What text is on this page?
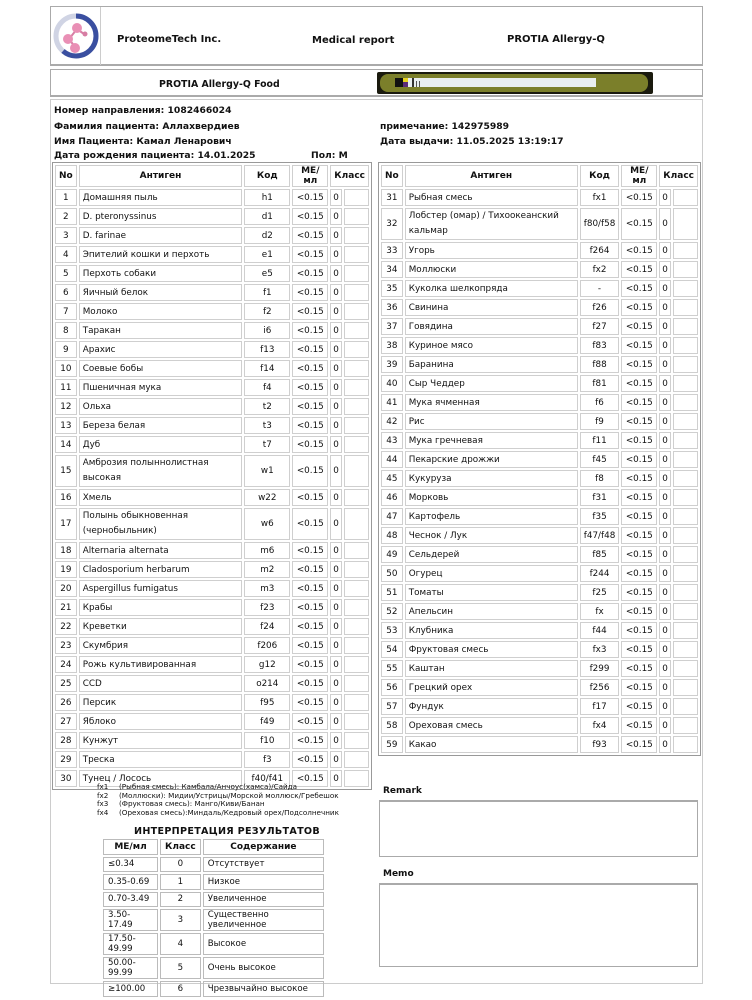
ProteomeTech Inc.	Medical report	PROTIA Allergy-Q
PROTIA Allergy-Q Food
Номер направления: 1082466024
Фамилия пациента: Аллахвердиев
Имя Пациента: Камал Ленарович
Дата рождения пациента: 14.01.2025	Пол: M
примечание: 142975989
Дата выдачи: 11.05.2025 13:19:17
No	Антиген	Код	МЕ/мл	Класс	
1	Домашняя пыль	h1	<0.15	0	
2	D. pteronyssinus	d1	<0.15	0	
3	D. farinae	d2	<0.15	0	
4	Эпителий кошки и перхоть	e1	<0.15	0	
5	Перхоть собаки	e5	<0.15	0	
6	Яичный белок	f1	<0.15	0	
7	Молоко	f2	<0.15	0	
8	Таракан	i6	<0.15	0	
9	Арахис	f13	<0.15	0	
10	Соевые бобы	f14	<0.15	0	
11	Пшеничная мука	f4	<0.15	0	
12	Ольха	t2	<0.15	0	
13	Береза белая	t3	<0.15	0	
14	Дуб	t7	<0.15	0	
15	Амброзия полыннолистная высокая	w1	<0.15	0	
16	Хмель	w22	<0.15	0	
17	Полынь обыкновенная (чернобыльник)	w6	<0.15	0	
18	Alternaria alternata	m6	<0.15	0	
19	Cladosporium herbarum	m2	<0.15	0	
20	Aspergillus fumigatus	m3	<0.15	0	
21	Крабы	f23	<0.15	0	
22	Креветки	f24	<0.15	0	
23	Скумбрия	f206	<0.15	0	
24	Рожь культивированная	g12	<0.15	0	
25	CCD	o214	<0.15	0	
26	Персик	f95	<0.15	0	
27	Яблоко	f49	<0.15	0	
28	Кунжут	f10	<0.15	0	
29	Треска	f3	<0.15	0	
30	Тунец / Лосось	f40/f41	<0.15	0	
No	Антиген	Код	МЕ/мл	Класс	
31	Рыбная смесь	fx1	<0.15	0	
32	Лобстер (омар) / Тихоокеанский кальмар	f80/f58	<0.15	0	
33	Угорь	f264	<0.15	0	
34	Моллюски	fx2	<0.15	0	
35	Куколка шелкопряда	-	<0.15	0	
36	Свинина	f26	<0.15	0	
37	Говядина	f27	<0.15	0	
38	Куриное мясо	f83	<0.15	0	
39	Баранина	f88	<0.15	0	
40	Сыр Чеддер	f81	<0.15	0	
41	Мука ячменная	f6	<0.15	0	
42	Рис	f9	<0.15	0	
43	Мука гречневая	f11	<0.15	0	
44	Пекарские дрожжи	f45	<0.15	0	
45	Кукуруза	f8	<0.15	0	
46	Морковь	f31	<0.15	0	
47	Картофель	f35	<0.15	0	
48	Чеснок / Лук	f47/f48	<0.15	0	
49	Сельдерей	f85	<0.15	0	
50	Огурец	f244	<0.15	0	
51	Томаты	f25	<0.15	0	
52	Апельсин	fx	<0.15	0	
53	Клубника	f44	<0.15	0	
54	Фруктовая смесь	fx3	<0.15	0	
55	Каштан	f299	<0.15	0	
56	Грецкий орех	f256	<0.15	0	
57	Фундук	f17	<0.15	0	
58	Ореховая смесь	fx4	<0.15	0	
59	Какао	f93	<0.15	0	
fx1 (Рыбная смесь): Камбала/Анчоус(хамса)/Сайда
fx2 (Моллюски): Мидии/Устрицы/Морской моллюск/Гребешок
fx3 (Фруктовая смесь): Манго/Киви/Банан
fx4 (Ореховая смесь):Миндаль/Кедровый орех/Подсолнечник
ИНТЕРПРЕТАЦИЯ РЕЗУЛЬТАТОВ
МЕ/мл	Класс	Содержание
≤0.34	0	Отсутствует
0.35-0.69	1	Низкое
0.70-3.49	2	Увеличенное
3.50-17.49	3	Существенно увеличенное
17.50-49.99	4	Высокое
50.00-99.99	5	Очень высокое
≥100.00	6	Чрезвычайно высокое
Remark
Memo
